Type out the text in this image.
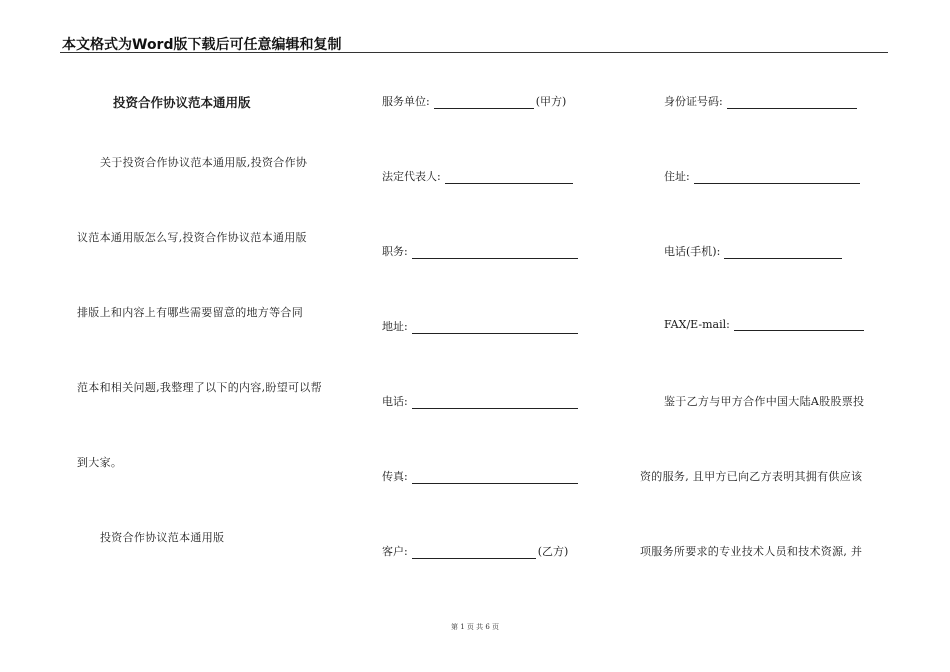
本文格式为Word版下载后可任意编辑和复制
投资合作协议范本通用版
关于投资合作协议范本通用版,投资合作协
议范本通用版怎么写,投资合作协议范本通用版
排版上和内容上有哪些需要留意的地方等合同
范本和相关问题,我整理了以下的内容,盼望可以帮
到大家。
投资合作协议范本通用版
服务单位:	(甲方)
法定代表人:
职务:
地址:
电话:
传真:
客户:	(乙方)
身份证号码:
住址:
电话(手机):
FAX/E-mail:
鉴于乙方与甲方合作中国大陆A股股票投
资的服务, 且甲方已向乙方表明其拥有供应该
项服务所要求的专业技术人员和技术资源, 并
第 1 页 共 6 页
